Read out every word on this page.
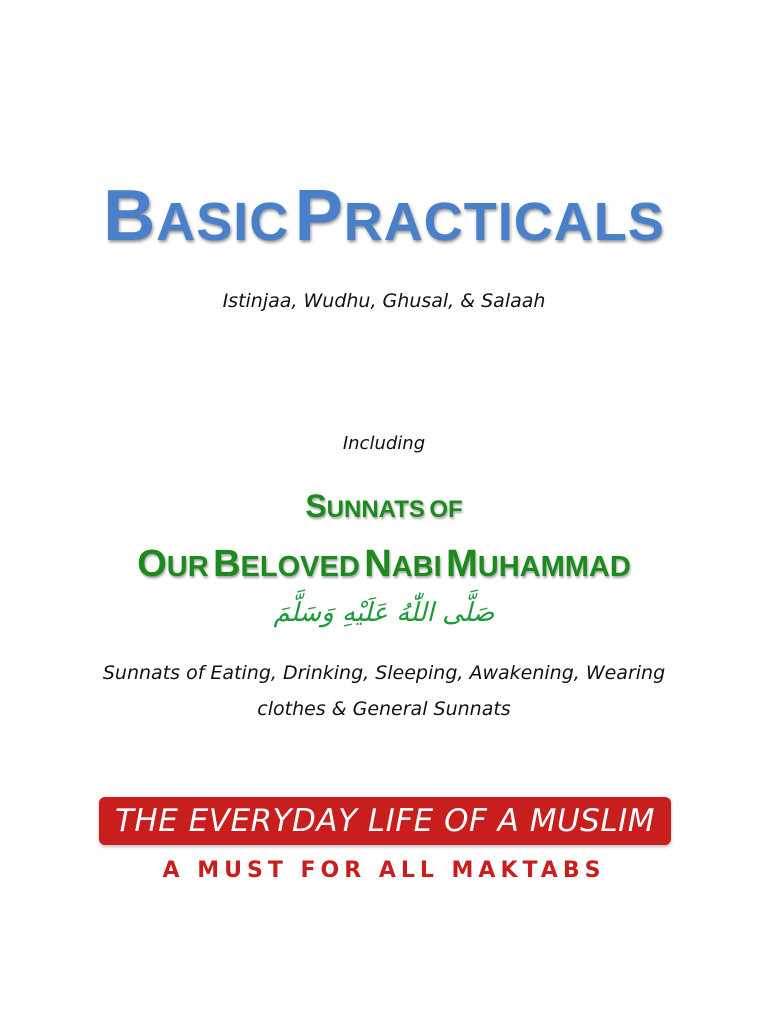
BASIC PRACTICALS
Istinjaa, Wudhu, Ghusal, & Salaah
Including
SUNNATS OF
OUR BELOVED NABI MUHAMMAD
صَلَّى اللّٰهُ عَلَيْهِ وَسَلَّمَ
Sunnats of Eating, Drinking, Sleeping, Awakening, Wearing
clothes & General Sunnats
THE EVERYDAY LIFE OF A MUSLIM
A MUST FOR ALL MAKTABS
